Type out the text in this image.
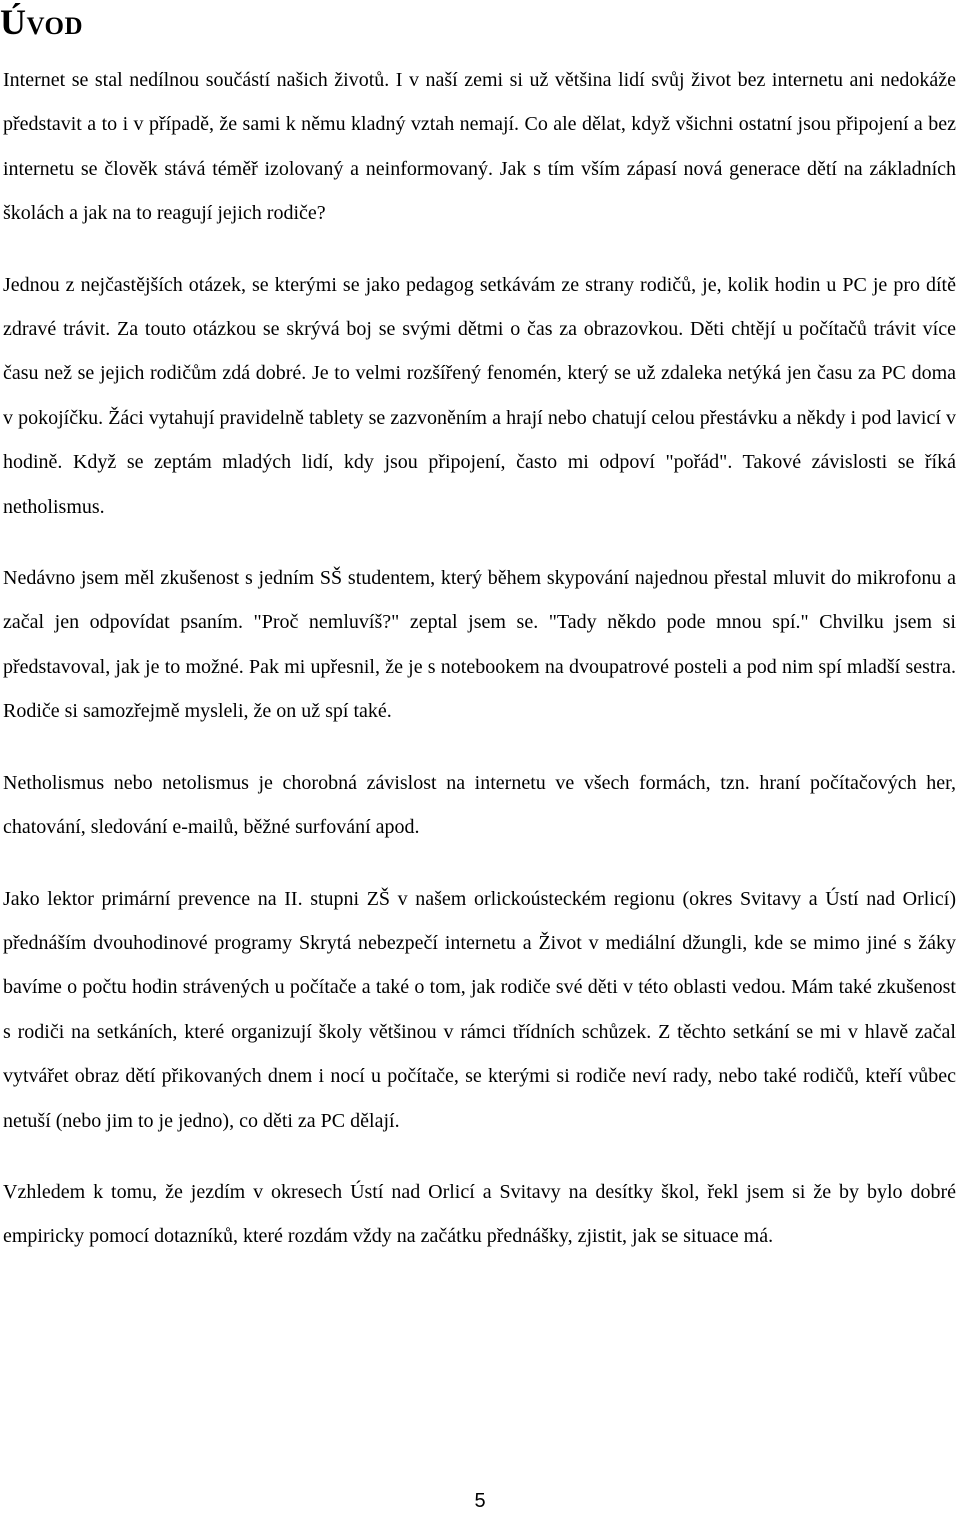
Úvod

Internet se stal nedílnou součástí našich životů. I v naší zemi si už většina lidí svůj život bez internetu ani nedokáže představit a to i v případě, že sami k němu kladný vztah nemají. Co ale dělat, když všichni ostatní jsou připojení a bez internetu se člověk stává téměř izolovaný a neinformovaný. Jak s tím vším zápasí nová generace dětí na základních školách a jak na to reagují jejich rodiče?

Jednou z nejčastějších otázek, se kterými se jako pedagog setkávám ze strany rodičů, je, kolik hodin u PC je pro dítě zdravé trávit. Za touto otázkou se skrývá boj se svými dětmi o čas za obrazovkou. Děti chtějí u počítačů trávit více času než se jejich rodičům zdá dobré. Je to velmi rozšířený fenomén, který se už zdaleka netýká jen času za PC doma v pokojíčku. Žáci vytahují pravidelně tablety se zazvoněním a hrají nebo chatují celou přestávku a někdy i pod lavicí v hodině. Když se zeptám mladých lidí, kdy jsou připojení, často mi odpoví "pořád". Takové závislosti se říká netholismus.

Nedávno jsem měl zkušenost s jedním SŠ studentem, který během skypování najednou přestal mluvit do mikrofonu a začal jen odpovídat psaním. "Proč nemluvíš?" zeptal jsem se. "Tady někdo pode mnou spí." Chvilku jsem si představoval, jak je to možné. Pak mi upřesnil, že je s notebookem na dvoupatrové posteli a pod nim spí mladší sestra. Rodiče si samozřejmě mysleli, že on už spí také.

Netholismus nebo netolismus je chorobná závislost na internetu ve všech formách, tzn. hraní počítačových her, chatování, sledování e-mailů, běžné surfování apod.

Jako lektor primární prevence na II. stupni ZŠ v našem orlickoústeckém regionu (okres Svitavy a Ústí nad Orlicí) přednáším dvouhodinové programy Skrytá nebezpečí internetu a Život v mediální džungli, kde se mimo jiné s žáky bavíme o počtu hodin strávených u počítače a také o tom, jak rodiče své děti v této oblasti vedou. Mám také zkušenost s rodiči na setkáních, které organizují školy většinou v rámci třídních schůzek. Z těchto setkání se mi v hlavě začal vytvářet obraz dětí přikovaných dnem i nocí u počítače, se kterými si rodiče neví rady, nebo také rodičů, kteří vůbec netuší (nebo jim to je jedno), co děti za PC dělají.

Vzhledem k tomu, že jezdím v okresech Ústí nad Orlicí a Svitavy na desítky škol, řekl jsem si že by bylo dobré empiricky pomocí dotazníků, které rozdám vždy na začátku přednášky, zjistit, jak se situace má.

5
